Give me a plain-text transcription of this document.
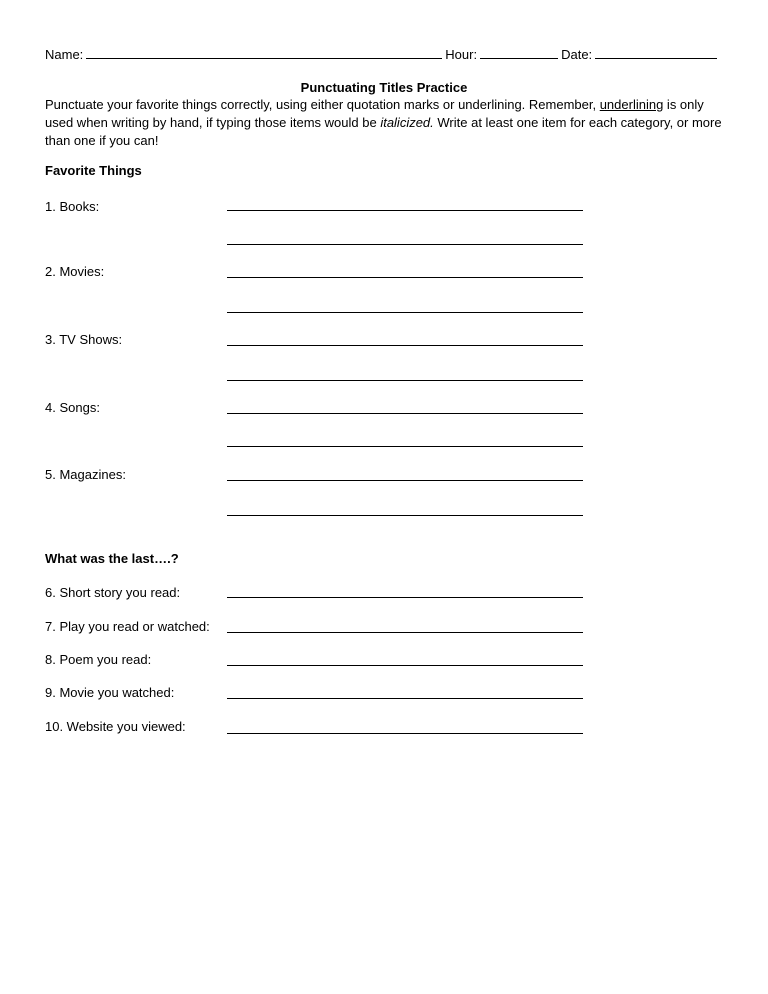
Name:	Hour:	Date:
Punctuating Titles Practice
Punctuate your favorite things correctly, using either quotation marks or underlining. Remember, underlining is only used when writing by hand, if typing those items would be italicized. Write at least one item for each category, or more than one if you can!
Favorite Things
1. Books:
2. Movies:
3. TV Shows:
4. Songs:
5. Magazines:
What was the last….?
6. Short story you read:
7. Play you read or watched:
8. Poem you read:
9. Movie you watched:
10. Website you viewed:
